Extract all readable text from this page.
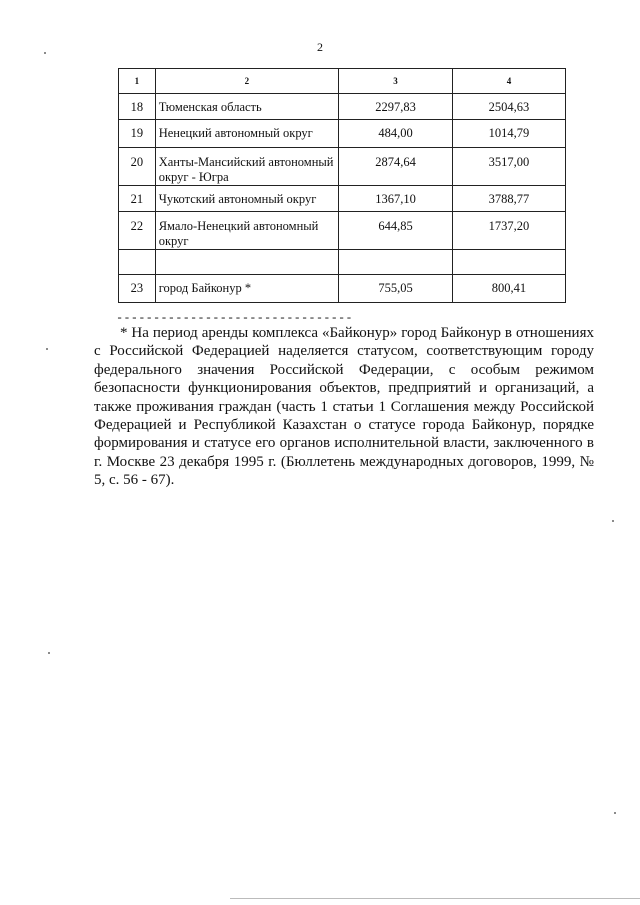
2
1	2	3	4
18	Тюменская область	2297,83	2504,63
19	Ненецкий автономный округ	484,00	1014,79
20	Ханты-Мансийский автономный округ - Югра	2874,64	3517,00
21	Чукотский автономный округ	1367,10	3788,77
22	Ямало-Ненецкий автономный округ	644,85	1737,20

23	город Байконур *	755,05	800,41
--------------------------------
* На период аренды комплекса «Байконур» город Байконур в отношениях с Российской Федерацией наделяется статусом, соответствующим городу федерального значения Российской Федерации, с особым режимом безопасности функционирования объектов, предприятий и организаций, а также проживания граждан (часть 1 статьи 1 Соглашения между Российской Федерацией и Республикой Казахстан о статусе города Байконур, порядке формирования и статусе его органов исполнительной власти, заключенного в г. Москве 23 декабря 1995 г. (Бюллетень международных договоров, 1999, № 5, с. 56 - 67).
